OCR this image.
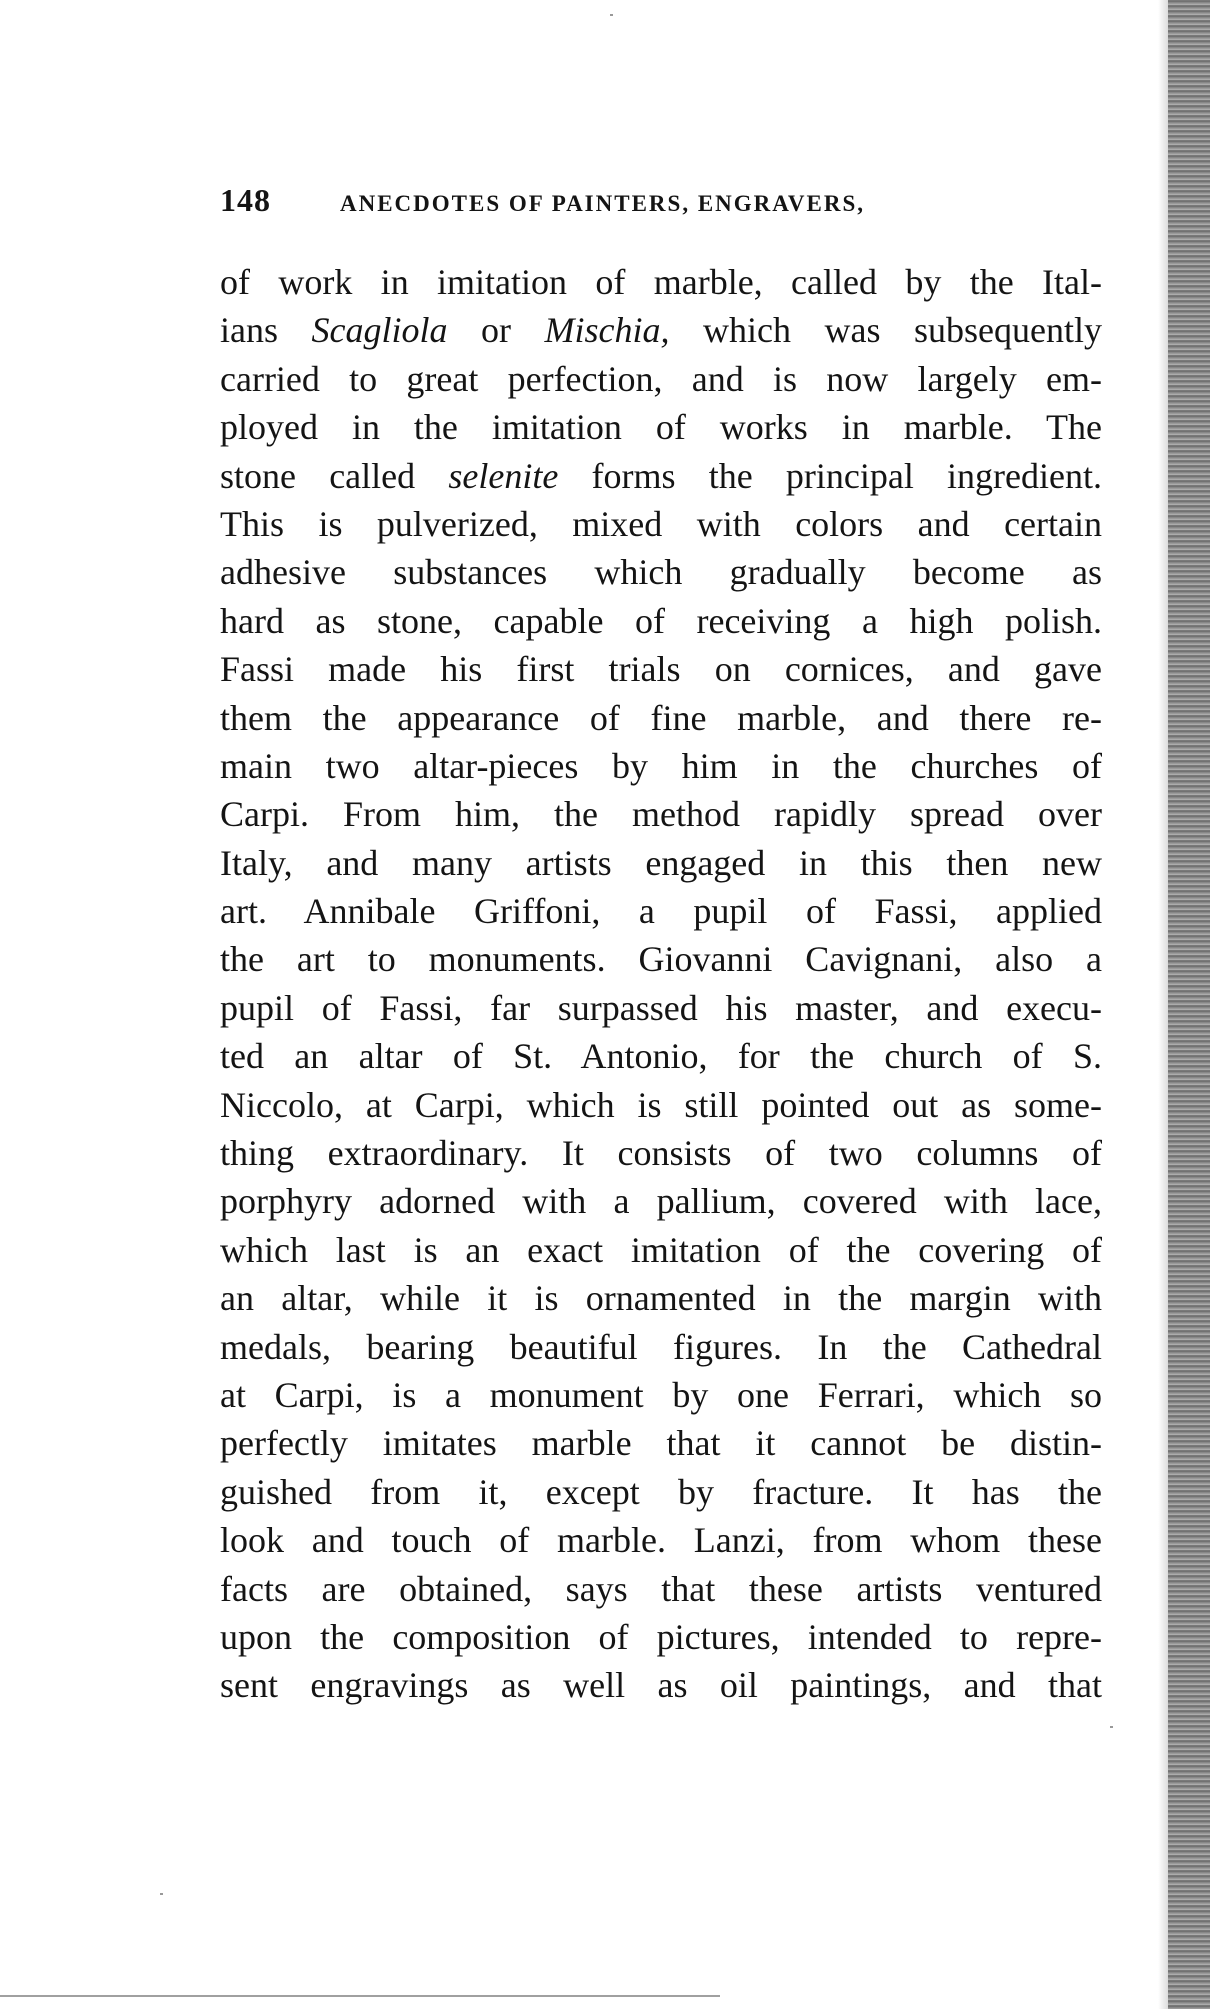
148	ANECDOTES OF PAINTERS, ENGRAVERS,
of work in imitation of marble, called by the Ital-
ians Scagliola or Mischia, which was subsequently
carried to great perfection, and is now largely em-
ployed in the imitation of works in marble. The
stone called selenite forms the principal ingredient.
This is pulverized, mixed with colors and certain
adhesive substances which gradually become as
hard as stone, capable of receiving a high polish.
Fassi made his first trials on cornices, and gave
them the appearance of fine marble, and there re-
main two altar-pieces by him in the churches of
Carpi. From him, the method rapidly spread over
Italy, and many artists engaged in this then new
art. Annibale Griffoni, a pupil of Fassi, applied
the art to monuments. Giovanni Cavignani, also a
pupil of Fassi, far surpassed his master, and execu-
ted an altar of St. Antonio, for the church of S.
Niccolo, at Carpi, which is still pointed out as some-
thing extraordinary. It consists of two columns of
porphyry adorned with a pallium, covered with lace,
which last is an exact imitation of the covering of
an altar, while it is ornamented in the margin with
medals, bearing beautiful figures. In the Cathedral
at Carpi, is a monument by one Ferrari, which so
perfectly imitates marble that it cannot be distin-
guished from it, except by fracture. It has the
look and touch of marble. Lanzi, from whom these
facts are obtained, says that these artists ventured
upon the composition of pictures, intended to repre-
sent engravings as well as oil paintings, and that
